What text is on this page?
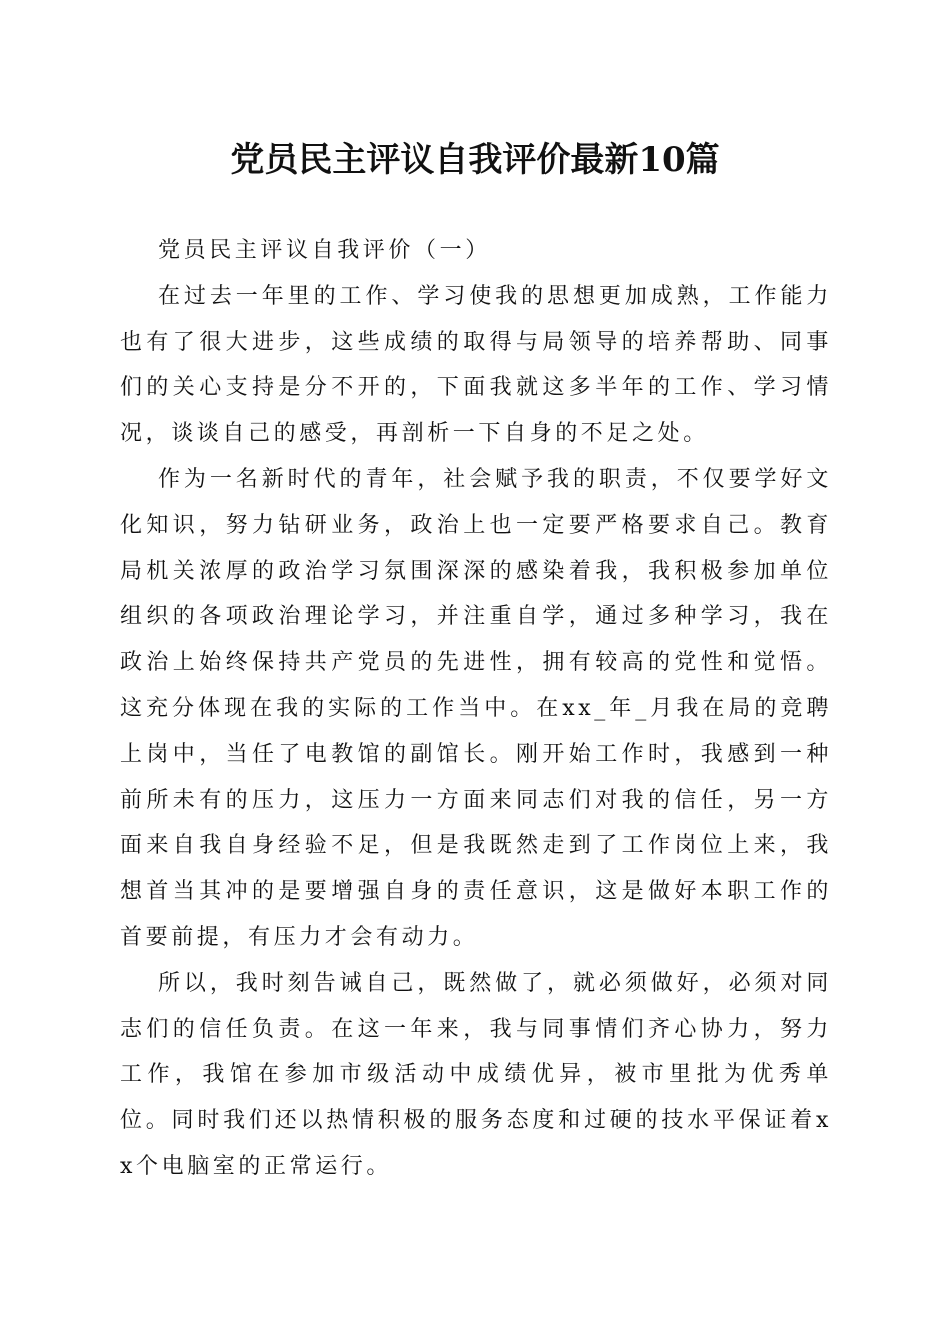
党员民主评议自我评价最新10篇

党员民主评议自我评价（一）

在过去一年里的工作、学习使我的思想更加成熟，工作能力也有了很大进步，这些成绩的取得与局领导的培养帮助、同事们的关心支持是分不开的，下面我就这多半年的工作、学习情况，谈谈自己的感受，再剖析一下自身的不足之处。

作为一名新时代的青年，社会赋予我的职责，不仅要学好文化知识，努力钻研业务，政治上也一定要严格要求自己。教育局机关浓厚的政治学习氛围深深的感染着我，我积极参加单位组织的各项政治理论学习，并注重自学，通过多种学习，我在政治上始终保持共产党员的先进性，拥有较高的党性和觉悟。这充分体现在我的实际的工作当中。在xx_年_月我在局的竞聘上岗中，当任了电教馆的副馆长。刚开始工作时，我感到一种前所未有的压力，这压力一方面来同志们对我的信任，另一方面来自我自身经验不足，但是我既然走到了工作岗位上来，我想首当其冲的是要增强自身的责任意识，这是做好本职工作的首要前提，有压力才会有动力。

所以，我时刻告诫自己，既然做了，就必须做好，必须对同志们的信任负责。在这一年来，我与同事情们齐心协力，努力工作，我馆在参加市级活动中成绩优异，被市里批为优秀单位。同时我们还以热情积极的服务态度和过硬的技水平保证着xx个电脑室的正常运行。
